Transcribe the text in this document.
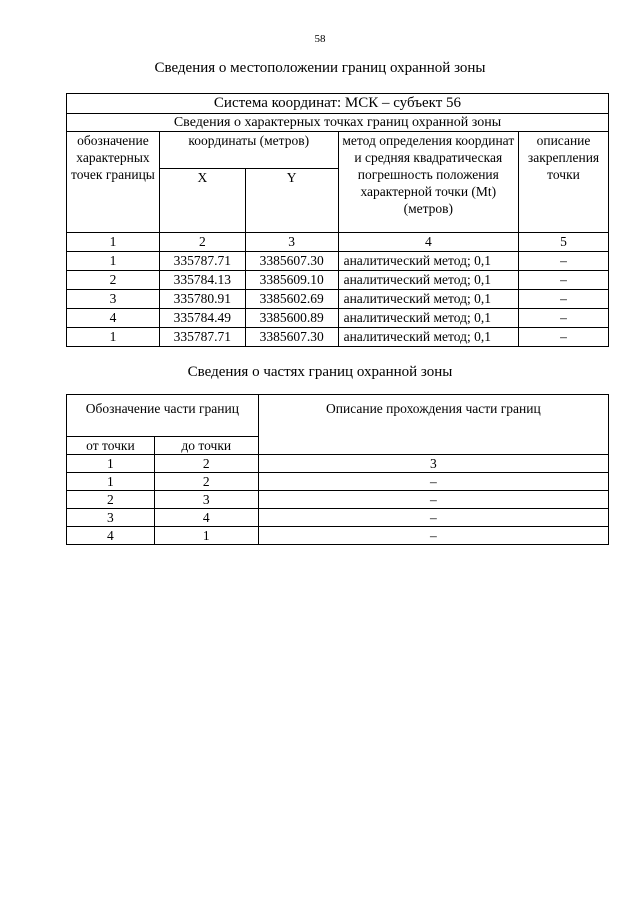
58
Сведения о местоположении границ охранной зоны
Система координат: МСК – субъект 56				
Сведения о характерных точках границ охранной зоны				
обозначение характерных точек границы	координаты (метров)		метод определения координат и средняя квадратическая погрешность положения характерной точки (Mt) (метров)	описание закрепления точки
	X	Y		
1	2	3	4	5
1	335787.71	3385607.30	аналитический метод; 0,1	–
2	335784.13	3385609.10	аналитический метод; 0,1	–
3	335780.91	3385602.69	аналитический метод; 0,1	–
4	335784.49	3385600.89	аналитический метод; 0,1	–
1	335787.71	3385607.30	аналитический метод; 0,1	–
Сведения о частях границ охранной зоны
Обозначение части границ		Описание прохождения части границ
от точки	до точки	
1	2	3
1	2	–
2	3	–
3	4	–
4	1	–
